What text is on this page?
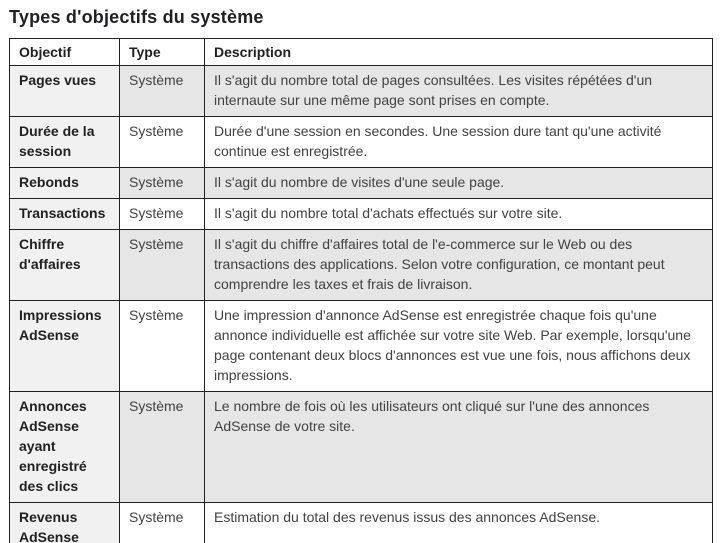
Types d'objectifs du système
Objectif	Type	Description
Pages vues	Système	Il s'agit du nombre total de pages consultées. Les visites répétées d'un internaute sur une même page sont prises en compte.
Durée de la session	Système	Durée d'une session en secondes. Une session dure tant qu'une activité continue est enregistrée.
Rebonds	Système	Il s'agit du nombre de visites d'une seule page.
Transactions	Système	Il s'agit du nombre total d'achats effectués sur votre site.
Chiffre d'affaires	Système	Il s'agit du chiffre d'affaires total de l'e-commerce sur le Web ou des transactions des applications. Selon votre configuration, ce montant peut comprendre les taxes et frais de livraison.
Impressions AdSense	Système	Une impression d'annonce AdSense est enregistrée chaque fois qu'une annonce individuelle est affichée sur votre site Web. Par exemple, lorsqu'une page contenant deux blocs d'annonces est vue une fois, nous affichons deux impressions.
Annonces AdSense ayant enregistré des clics	Système	Le nombre de fois où les utilisateurs ont cliqué sur l'une des annonces AdSense de votre site.
Revenus AdSense	Système	Estimation du total des revenus issus des annonces AdSense.
